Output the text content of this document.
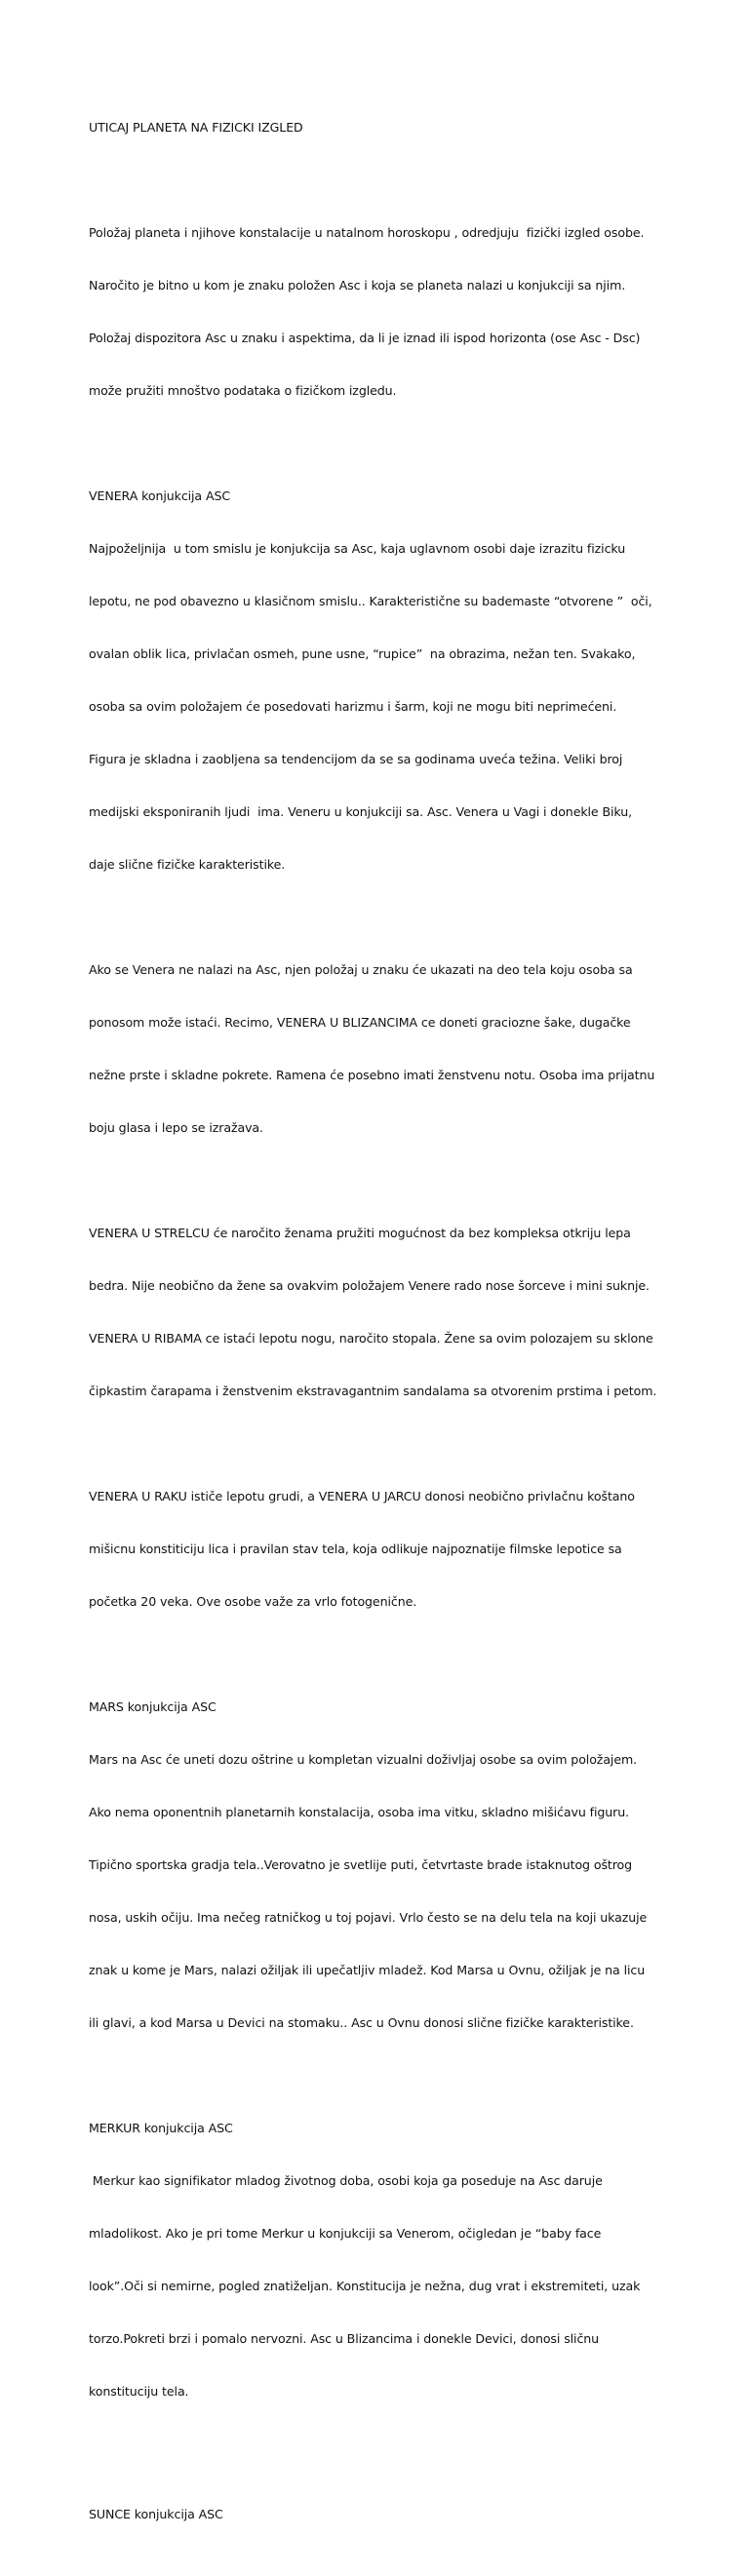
UTICAJ PLANETA NA FIZICKI IZGLED

Položaj planeta i njihove konstalacije u natalnom horoskopu , odredjuju  fizički izgled osobe.

Naročito je bitno u kom je znaku položen Asc i koja se planeta nalazi u konjukciji sa njim.

Položaj dispozitora Asc u znaku i aspektima, da li je iznad ili ispod horizonta (ose Asc - Dsc)

može pružiti mnoštvo podataka o fizičkom izgledu.

VENERA konjukcija ASC

Najpoželjnija  u tom smislu je konjukcija sa Asc, kaja uglavnom osobi daje izrazitu fizicku

lepotu, ne pod obavezno u klasičnom smislu.. Karakteristične su bademaste “otvorene ”  oči,

ovalan oblik lica, privlačan osmeh, pune usne, “rupice”  na obrazima, nežan ten. Svakako,

osoba sa ovim položajem će posedovati harizmu i šarm, koji ne mogu biti neprimećeni.

Figura je skladna i zaobljena sa tendencijom da se sa godinama uveća težina. Veliki broj

medijski eksponiranih ljudi  ima. Veneru u konjukciji sa. Asc. Venera u Vagi i donekle Biku,

daje slične fizičke karakteristike.

Ako se Venera ne nalazi na Asc, njen položaj u znaku će ukazati na deo tela koju osoba sa

ponosom može istaći. Recimo, VENERA U BLIZANCIMA ce doneti graciozne šake, dugačke

nežne prste i skladne pokrete. Ramena će posebno imati ženstvenu notu. Osoba ima prijatnu

boju glasa i lepo se izražava.

VENERA U STRELCU će naročito ženama pružiti mogućnost da bez kompleksa otkriju lepa

bedra. Nije neobično da žene sa ovakvim položajem Venere rado nose šorceve i mini suknje.

VENERA U RIBAMA ce istaći lepotu nogu, naročito stopala. Žene sa ovim polozajem su sklone

čipkastim čarapama i ženstvenim ekstravagantnim sandalama sa otvorenim prstima i petom.

VENERA U RAKU ističe lepotu grudi, a VENERA U JARCU donosi neobično privlačnu koštano

mišicnu konstiticiju lica i pravilan stav tela, koja odlikuje najpoznatije filmske lepotice sa

početka 20 veka. Ove osobe važe za vrlo fotogenične.

MARS konjukcija ASC

Mars na Asc će uneti dozu oštrine u kompletan vizualni doživljaj osobe sa ovim položajem.

Ako nema oponentnih planetarnih konstalacija, osoba ima vitku, skladno mišićavu figuru.

Tipično sportska gradja tela..Verovatno je svetlije puti, četvrtaste brade istaknutog oštrog

nosa, uskih očiju. Ima nečeg ratničkog u toj pojavi. Vrlo često se na delu tela na koji ukazuje

znak u kome je Mars, nalazi ožiljak ili upečatljiv mladež. Kod Marsa u Ovnu, ožiljak je na licu

ili glavi, a kod Marsa u Devici na stomaku.. Asc u Ovnu donosi slične fizičke karakteristike.

MERKUR konjukcija ASC

Merkur kao signifikator mladog životnog doba, osobi koja ga poseduje na Asc daruje

mladolikost. Ako je pri tome Merkur u konjukciji sa Venerom, očigledan je “baby face

look”.Oči si nemirne, pogled znatiželjan. Konstitucija je nežna, dug vrat i ekstremiteti, uzak

torzo.Pokreti brzi i pomalo nervozni. Asc u Blizancima i donekle Devici, donosi sličnu

konstituciju tela.

SUNCE konjukcija ASC
